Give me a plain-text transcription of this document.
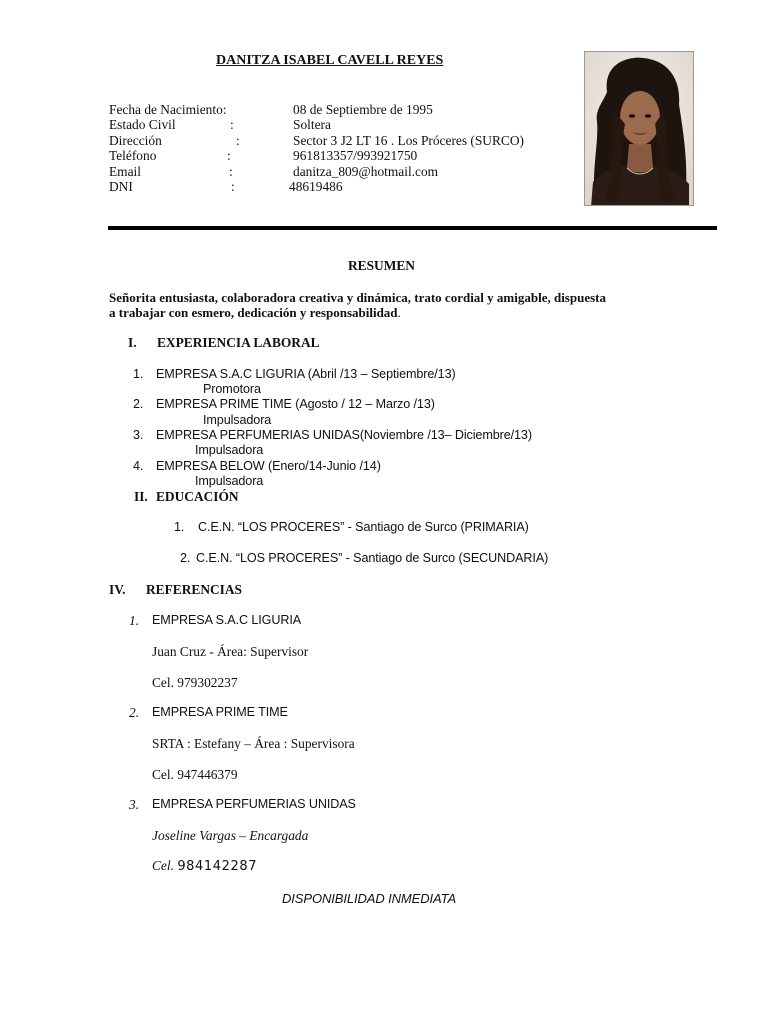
DANITZA ISABEL CAVELL REYES
Fecha de Nacimiento:	08 de Septiembre de 1995
Estado Civil	:	Soltera
Dirección	:	Sector 3 J2 LT 16 . Los Próceres (SURCO)
Teléfono	:	961813357/993921750
Email	:	danitza_809@hotmail.com
DNI	:	48619486
RESUMEN
Señorita entusiasta, colaboradora creativa y dinámica, trato cordial y amigable, dispuesta
a trabajar con esmero, dedicación y responsabilidad.
I. EXPERIENCIA LABORAL
1. EMPRESA S.A.C LIGURIA (Abril /13 – Septiembre/13)
Promotora
2. EMPRESA PRIME TIME (Agosto / 12 – Marzo /13)
Impulsadora
3. EMPRESA PERFUMERIAS UNIDAS(Noviembre /13– Diciembre/13)
Impulsadora
4. EMPRESA BELOW (Enero/14-Junio /14)
Impulsadora
II. EDUCACIÓN
1. C.E.N. “LOS PROCERES” - Santiago de Surco (PRIMARIA)
2. C.E.N. “LOS PROCERES” - Santiago de Surco (SECUNDARIA)
IV. REFERENCIAS
1. EMPRESA S.A.C LIGURIA
Juan Cruz - Área: Supervisor
Cel. 979302237
2. EMPRESA PRIME TIME
SRTA : Estefany – Área : Supervisora
Cel. 947446379
3. EMPRESA PERFUMERIAS UNIDAS
Joseline Vargas – Encargada
Cel. 984142287
DISPONIBILIDAD INMEDIATA
